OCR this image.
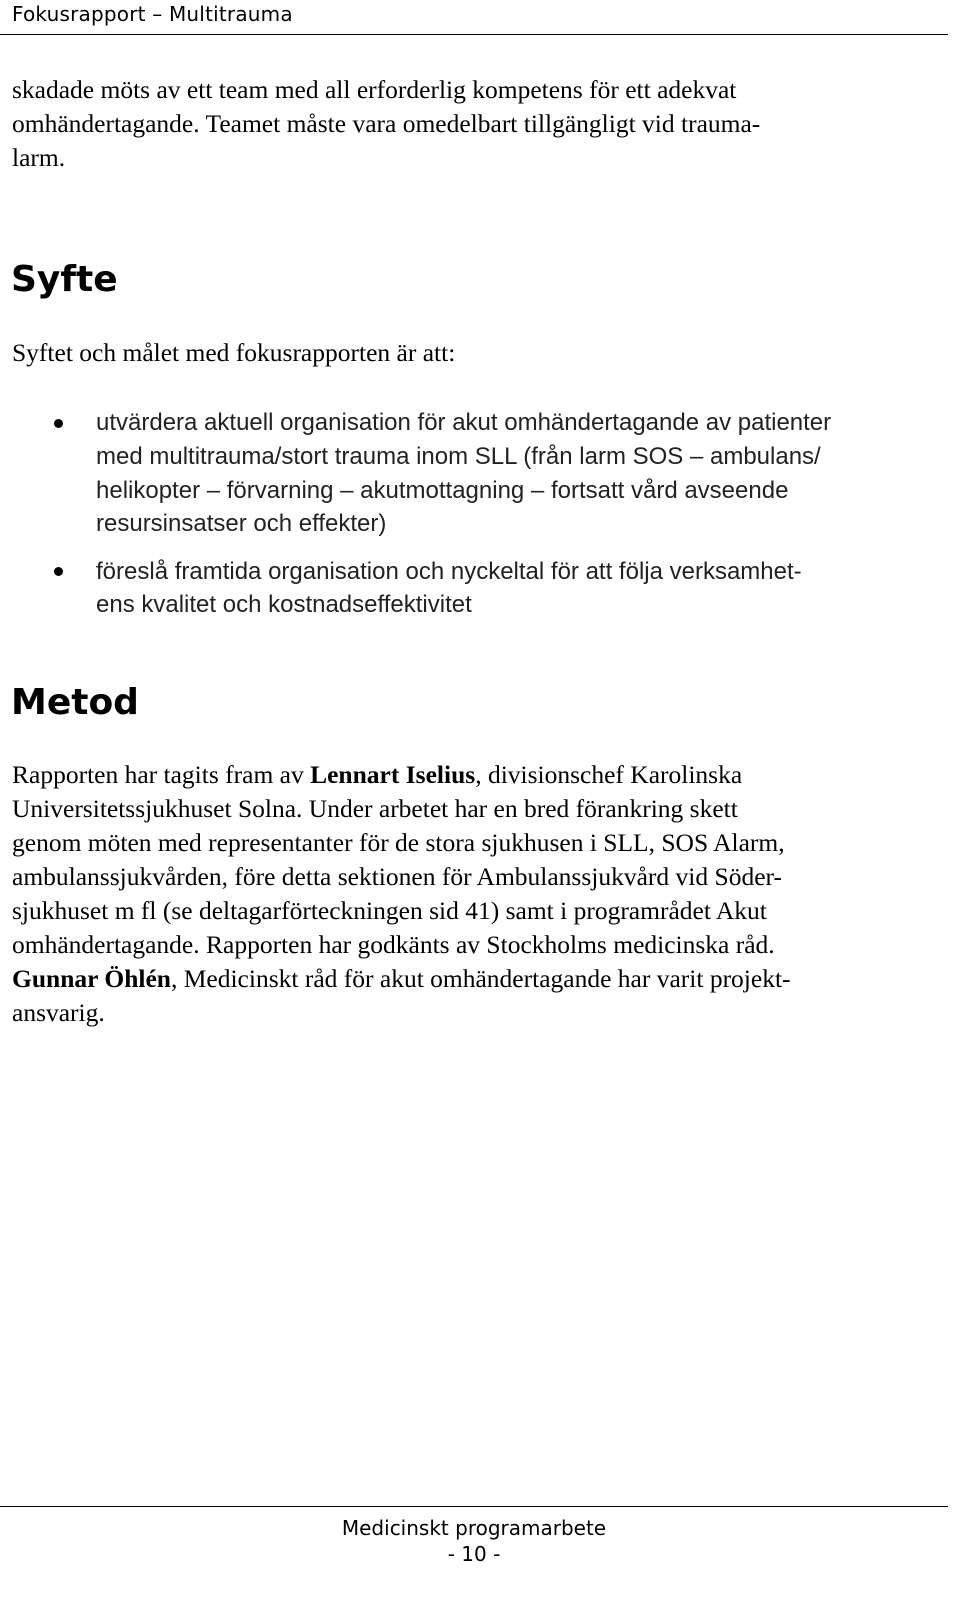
Fokusrapport – Multitrauma
skadade möts av ett team med all erforderlig kompetens för ett adekvat
omhändertagande. Teamet måste vara omedelbart tillgängligt vid trauma-
larm.
Syfte
Syftet och målet med fokusrapporten är att:
utvärdera aktuell organisation för akut omhändertagande av patienter
med multitrauma/stort trauma inom SLL (från larm SOS – ambulans/
helikopter – förvarning – akutmottagning – fortsatt vård avseende
resursinsatser och effekter)
föreslå framtida organisation och nyckeltal för att följa verksamhet-
ens kvalitet och kostnadseffektivitet
Metod
Rapporten har tagits fram av Lennart Iselius, divisionschef Karolinska
Universitetssjukhuset Solna. Under arbetet har en bred förankring skett
genom möten med representanter för de stora sjukhusen i SLL, SOS Alarm,
ambulanssjukvården, före detta sektionen för Ambulanssjukvård vid Söder-
sjukhuset m fl (se deltagarförteckningen sid 41) samt i programrådet Akut
omhändertagande. Rapporten har godkänts av Stockholms medicinska råd.
Gunnar Öhlén, Medicinskt råd för akut omhändertagande har varit projekt-
ansvarig.
Medicinskt programarbete
- 10 -
